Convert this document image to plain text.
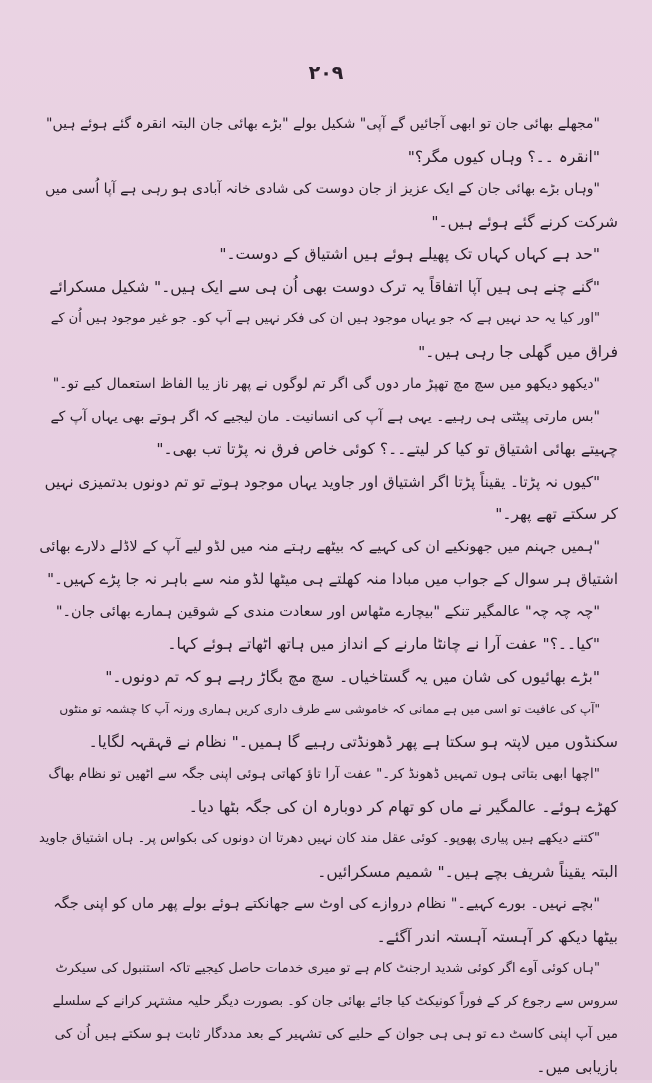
٢٠٩
"مجھلے بھائی جان تو ابھی آجائیں گے آپی" شکیل بولے "بڑے بھائی جان البتہ انقرہ گئے ہوئے ہیں"
"انقرہ ۔۔؟ وہاں کیوں مگر؟"
"وہاں بڑے بھائی جان کے ایک عزیز از جان دوست کی شادی خانہ آبادی ہو رہی ہے آپا اُسی میں
شرکت کرنے گئے ہوئے ہیں۔"
"حد ہے کہاں کہاں تک پھیلے ہوئے ہیں اشتیاق کے دوست۔"
"گنے چنے ہی ہیں آپا اتفاقاً یہ ترک دوست بھی اُن ہی سے ایک ہیں۔" شکیل مسکرائے
"اور کیا یہ حد نہیں ہے کہ جو یہاں موجود ہیں ان کی فکر نہیں ہے آپ کو۔ جو غیر موجود ہیں اُن کے
فراق میں گھلی جا رہی ہیں۔"
"دیکھو دیکھو میں سچ مچ تھپڑ مار دوں گی اگر تم لوگوں نے پھر ناز یبا الفاظ استعمال کیے تو۔"
"بس مارتی پیٹتی ہی رہیے۔ یہی ہے آپ کی انسانیت۔ مان لیجیے کہ اگر ہوتے بھی یہاں آپ کے
چہیتے بھائی اشتیاق تو کیا کر لیتے۔۔؟ کوئی خاص فرق نہ پڑتا تب بھی۔"
"کیوں نہ پڑتا۔ یقیناً پڑتا اگر اشتیاق اور جاوید یہاں موجود ہوتے تو تم دونوں بدتمیزی نہیں
کر سکتے تھے پھر۔"
"ہمیں جہنم میں جھونکیے ان کی کہیے کہ بیٹھے رہتے منہ میں لڈو لیے آپ کے لاڈلے دلارے بھائی
اشتیاق ہر سوال کے جواب میں مبادا منہ کھلتے ہی میٹھا لڈو منہ سے باہر نہ جا پڑے کہیں۔"
"چہ چہ چہ" عالمگیر تنکے "بیچارے مٹھاس اور سعادت مندی کے شوقین ہمارے بھائی جان۔"
"کیا۔۔؟" عفت آرا نے چانٹا مارنے کے انداز میں ہاتھ اٹھاتے ہوئے کہا۔
"بڑے بھائیوں کی شان میں یہ گستاخیاں۔ سچ مچ بگاڑ رہے ہو کہ تم دونوں۔"
"آپ کی عافیت تو اسی میں ہے ممانی کہ خاموشی سے طرف داری کریں ہماری ورنہ آپ کا چشمہ تو منٹوں
سکنڈوں میں لاپتہ ہو سکتا ہے پھر ڈھونڈتی رہیے گا ہمیں۔" نظام نے قہقہہ لگایا۔
"اچھا ابھی بتاتی ہوں تمہیں ڈھونڈ کر۔" عفت آرا تاؤ کھاتی ہوئی اپنی جگہ سے اٹھیں تو نظام بھاگ
کھڑے ہوئے۔ عالمگیر نے ماں کو تھام کر دوبارہ ان کی جگہ بٹھا دیا۔
"کتنے دیکھے ہیں پیاری پھوپو۔ کوئی عقل مند کان نہیں دھرتا ان دونوں کی بکواس پر۔ ہاں اشتیاق جاوید
البتہ یقیناً شریف بچے ہیں۔" شمیم مسکرائیں۔
"بچے نہیں۔ بورے کہیے۔" نظام دروازے کی اوٹ سے جھانکتے ہوئے بولے پھر ماں کو اپنی جگہ
بیٹھا دیکھ کر آہستہ آہستہ اندر آگئے۔
"ہاں کوئی آوے اگر کوئی شدید ارجنٹ کام ہے تو میری خدمات حاصل کیجیے تاکہ استنبول کی سیکرٹ
سروس سے رجوع کر کے فوراً کونیکٹ کیا جائے بھائی جان کو۔ بصورت دیگر حلیہ مشتہر کرانے کے سلسلے
میں آپ اپنی کاسٹ دے تو ہی ہی جوان کے حلیے کی تشہیر کے بعد مددگار ثابت ہو سکتے ہیں اُن کی
بازیابی میں۔
